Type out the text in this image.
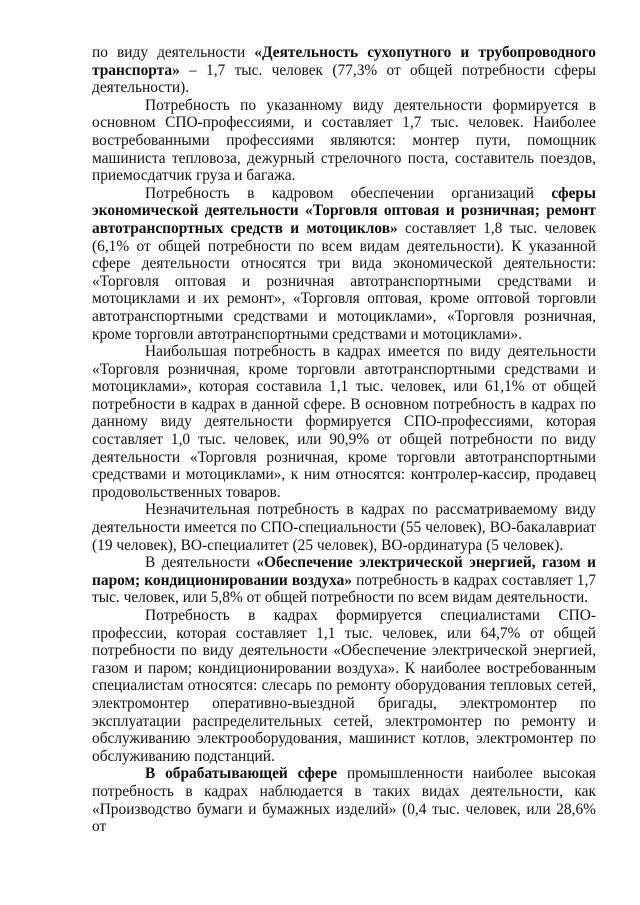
по виду деятельности «Деятельность сухопутного и трубопроводного транспорта» – 1,7 тыс. человек (77,3% от общей потребности сферы деятельности).

Потребность по указанному виду деятельности формируется в основном СПО-профессиями, и составляет 1,7 тыс. человек. Наиболее востребованными профессиями являются: монтер пути, помощник машиниста тепловоза, дежурный стрелочного поста, составитель поездов, приемосдатчик груза и багажа.

Потребность в кадровом обеспечении организаций сферы экономической деятельности «Торговля оптовая и розничная; ремонт автотранспортных средств и мотоциклов» составляет 1,8 тыс. человек (6,1% от общей потребности по всем видам деятельности). К указанной сфере деятельности относятся три вида экономической деятельности: «Торговля оптовая и розничная автотранспортными средствами и мотоциклами и их ремонт», «Торговля оптовая, кроме оптовой торговли автотранспортными средствами и мотоциклами», «Торговля розничная, кроме торговли автотранспортными средствами и мотоциклами».

Наибольшая потребность в кадрах имеется по виду деятельности «Торговля розничная, кроме торговли автотранспортными средствами и мотоциклами», которая составила 1,1 тыс. человек, или 61,1% от общей потребности в кадрах в данной сфере. В основном потребность в кадрах по данному виду деятельности формируется СПО-профессиями, которая составляет 1,0 тыс. человек, или 90,9% от общей потребности по виду деятельности «Торговля розничная, кроме торговли автотранспортными средствами и мотоциклами», к ним относятся: контролер-кассир, продавец продовольственных товаров.

Незначительная потребность в кадрах по рассматриваемому виду деятельности имеется по СПО-специальности (55 человек), ВО-бакалавриат (19 человек), ВО-специалитет (25 человек), ВО-ординатура (5 человек).

В деятельности «Обеспечение электрической энергией, газом и паром; кондиционировании воздуха» потребность в кадрах составляет 1,7 тыс. человек, или 5,8% от общей потребности по всем видам деятельности.

Потребность в кадрах формируется специалистами СПО-профессии, которая составляет 1,1 тыс. человек, или 64,7% от общей потребности по виду деятельности «Обеспечение электрической энергией, газом и паром; кондиционировании воздуха». К наиболее востребованным специалистам относятся: слесарь по ремонту оборудования тепловых сетей, электромонтер оперативно-выездной бригады, электромонтер по эксплуатации распределительных сетей, электромонтер по ремонту и обслуживанию электрооборудования, машинист котлов, электромонтер по обслуживанию подстанций.

В обрабатывающей сфере промышленности наиболее высокая потребность в кадрах наблюдается в таких видах деятельности, как «Производство бумаги и бумажных изделий» (0,4 тыс. человек, или 28,6% от
